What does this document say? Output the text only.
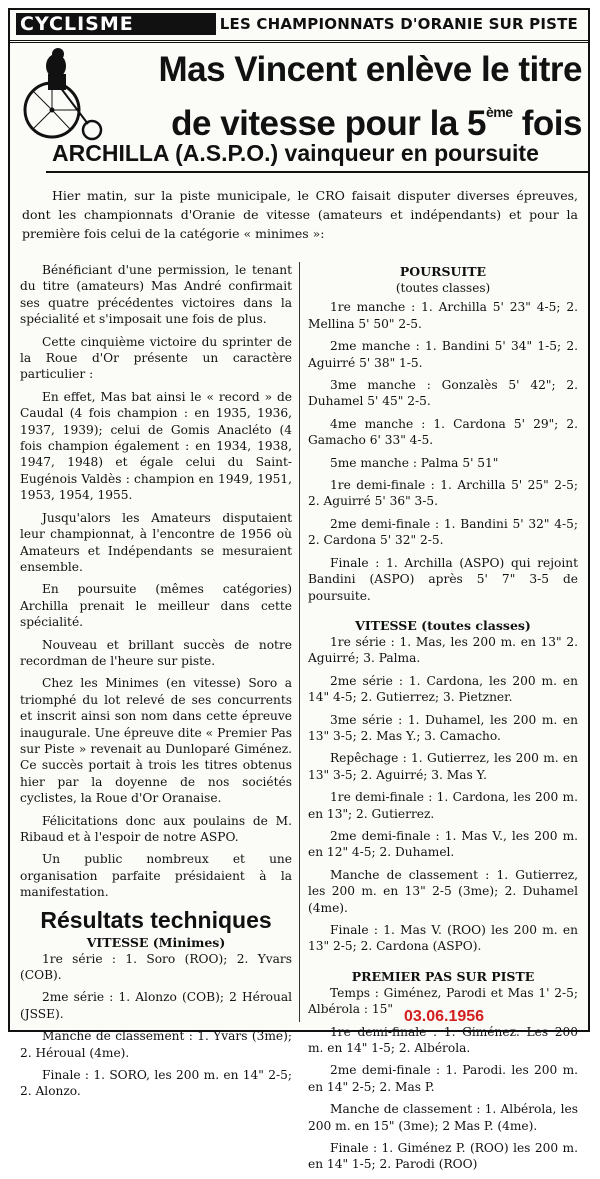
CYCLISME	LES CHAMPIONNATS D'ORANIE SUR PISTE
Mas Vincent enlève le titre
de vitesse pour la 5ème fois
ARCHILLA (A.S.P.O.) vainqueur en poursuite
Hier matin, sur la piste municipale, le CRO faisait disputer diverses épreuves, dont les championnats d'Oranie de vitesse (amateurs et indépendants) et pour la première fois celui de la catégorie « minimes »:

Bénéficiant d'une permission, le tenant du titre (amateurs) Mas André confirmait ses quatre précédentes victoires dans la spécialité et s'imposait une fois de plus.

Cette cinquième victoire du sprinter de la Roue d'Or présente un caractère particulier :

En effet, Mas bat ainsi le « record » de Caudal (4 fois champion : en 1935, 1936, 1937, 1939); celui de Gomis Anacléto (4 fois champion également : en 1934, 1938, 1947, 1948) et égale celui du Saint-Eugénois Valdès : champion en 1949, 1951, 1953, 1954, 1955.

Jusqu'alors les Amateurs disputaient leur championnat, à l'encontre de 1956 où Amateurs et Indépendants se mesuraient ensemble.

En poursuite (mêmes catégories) Archilla prenait le meilleur dans cette spécialité.

Nouveau et brillant succès de notre recordman de l'heure sur piste.

Chez les Minimes (en vitesse) Soro a triomphé du lot relevé de ses concurrents et inscrit ainsi son nom dans cette épreuve inaugurale. Une épreuve dite « Premier Pas sur Piste » revenait au Dunloparé Giménez. Ce succès portait à trois les titres obtenus hier par la doyenne de nos sociétés cyclistes, la Roue d'Or Oranaise.

Félicitations donc aux poulains de M. Ribaud et à l'espoir de notre ASPO.

Un public nombreux et une organisation parfaite présidaient à la manifestation.

Résultats techniques
VITESSE (Minimes)

1re série : 1. Soro (ROO); 2. Yvars (COB).

2me série : 1. Alonzo (COB); 2 Héroual (JSSE).

Manche de classement : 1. Yvars (3me); 2. Héroual (4me).

Finale : 1. SORO, les 200 m. en 14" 2-5; 2. Alonzo.

POURSUITE
(toutes classes)

1re manche : 1. Archilla 5' 23" 4-5; 2. Mellina 5' 50" 2-5.

2me manche : 1. Bandini 5' 34" 1-5; 2. Aguirré 5' 38" 1-5.

3me manche : Gonzalès 5' 42"; 2. Duhamel 5' 45" 2-5.

4me manche : 1. Cardona 5' 29"; 2. Gamacho 6' 33" 4-5.

5me manche : Palma 5' 51"

1re demi-finale : 1. Archilla 5' 25" 2-5; 2. Aguirré 5' 36" 3-5.

2me demi-finale : 1. Bandini 5' 32" 4-5; 2. Cardona 5' 32" 2-5.

Finale : 1. Archilla (ASPO) qui rejoint Bandini (ASPO) après 5' 7" 3-5 de poursuite.

VITESSE (toutes classes)

1re série : 1. Mas, les 200 m. en 13" 2. Aguirré; 3. Palma.

2me série : 1. Cardona, les 200 m. en 14" 4-5; 2. Gutierrez; 3. Pietzner.

3me série : 1. Duhamel, les 200 m. en 13" 3-5; 2. Mas Y.; 3. Camacho.

Repêchage : 1. Gutierrez, les 200 m. en 13" 3-5; 2. Aguirré; 3. Mas Y.

1re demi-finale : 1. Cardona, les 200 m. en 13"; 2. Gutierrez.

2me demi-finale : 1. Mas V., les 200 m. en 12" 4-5; 2. Duhamel.

Manche de classement : 1. Gutierrez, les 200 m. en 13" 2-5 (3me); 2. Duhamel (4me).

Finale : 1. Mas V. (ROO) les 200 m. en 13" 2-5; 2. Cardona (ASPO).

PREMIER PAS SUR PISTE

Temps : Giménez, Parodi et Mas 1' 2-5; Albérola : 15"

1re demi-finale : 1. Giménez. Les 200 m. en 14" 1-5; 2. Albérola.

2me demi-finale : 1. Parodi. les 200 m. en 14" 2-5; 2. Mas P.

Manche de classement : 1. Albérola, les 200 m. en 15" (3me); 2 Mas P. (4me).

Finale : 1. Giménez P. (ROO) les 200 m. en 14" 1-5; 2. Parodi (ROO)

03.06.1956
